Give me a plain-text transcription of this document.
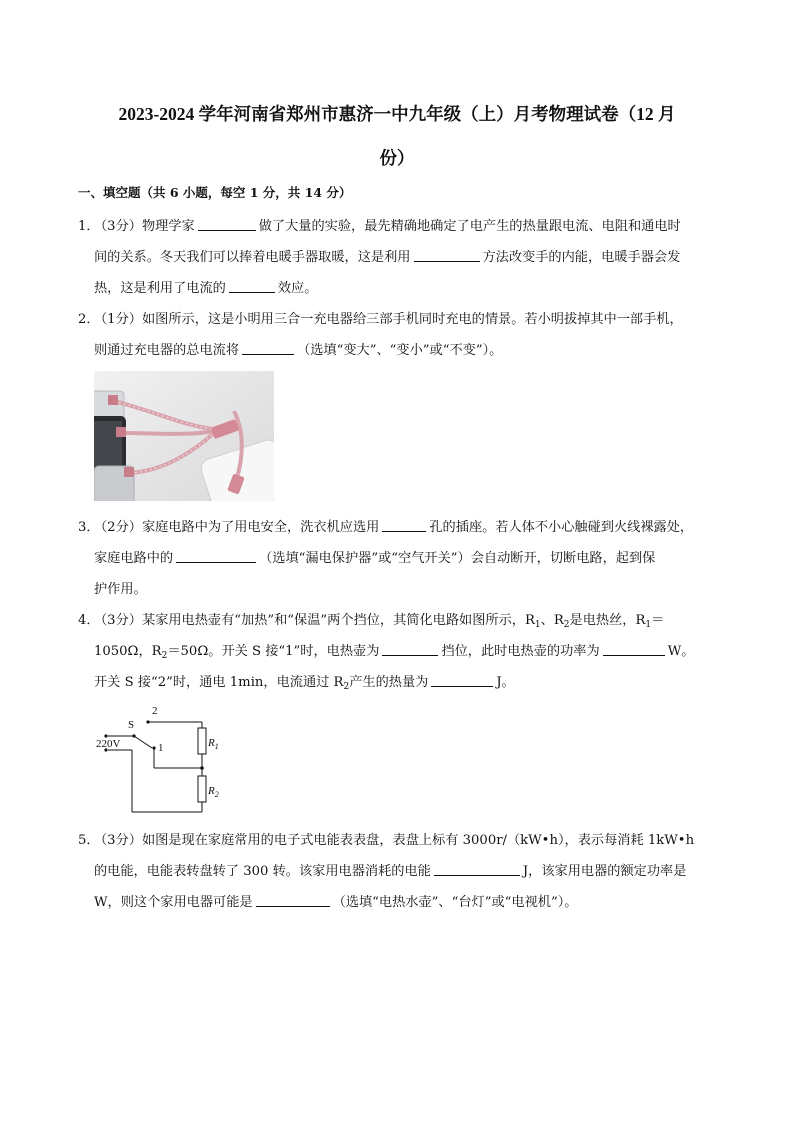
2023-2024 学年河南省郑州市惠济一中九年级（上）月考物理试卷（12 月
份）
一、填空题（共 6 小题，每空 1 分，共 14 分）
1．（3分）物理学家	做了大量的实验，最先精确地确定了电产生的热量跟电流、电阻和通电时
间的关系。冬天我们可以捧着电暖手器取暖，这是利用	方法改变手的内能，电暖手器会发
热，这是利用了电流的	效应。
2．（1分）如图所示，这是小明用三合一充电器给三部手机同时充电的情景。若小明拔掉其中一部手机，
则通过充电器的总电流将	（选填“变大”、“变小”或“不变”）。
3．（2分）家庭电路中为了用电安全，洗衣机应选用	孔的插座。若人体不小心触碰到火线裸露处，
家庭电路中的	（选填“漏电保护器”或“空气开关”）会自动断开，切断电路，起到保
护作用。
4．（3分）某家用电热壶有“加热”和“保温”两个挡位，其简化电路如图所示，$R_1$、$R_2$是电热丝，$R_1=$
1050Ω，$R_2=50\Omega$。开关 S 接“1”时，电热壶为	挡位，此时电热壶的功率为	W。
开关 S 接“2”时，通电 1min，电流通过 $R_2$产生的热量为	J。
220V
S
2
1	$R_1$
$R_2$
5．（3分）如图是现在家庭常用的电子式电能表表盘，表盘上标有 3000r/（kW•h），表示每消耗 1kW•h
的电能，电能表转盘转了 300 转。该家用电器消耗的电能	J，该家用电器的额定功率是
W，则这个家用电器可能是	（选填“电热水壶”、“台灯”或“电视机”）。
